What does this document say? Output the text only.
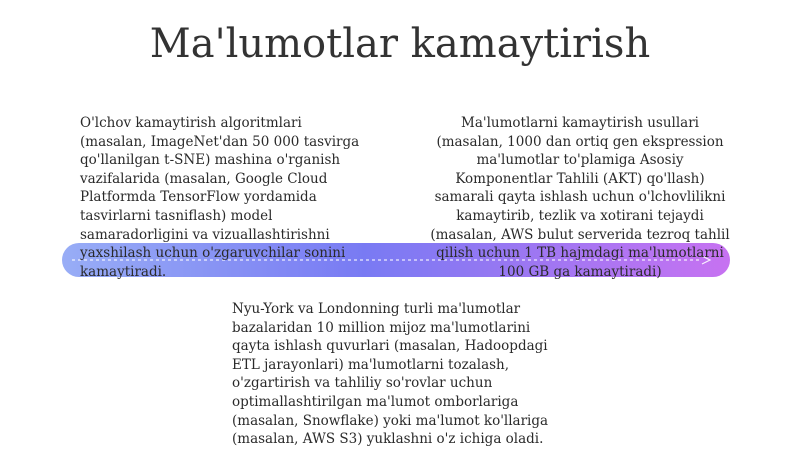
Ma'lumotlar kamaytirish
O'lchov kamaytirish algoritmlari
(masalan, ImageNet'dan 50 000 tasvirga
qo'llanilgan t-SNE) mashina o'rganish
vazifalarida (masalan, Google Cloud
Platformda TensorFlow yordamida
tasvirlarni tasniflash) model
samaradorligini va vizuallashtirishni
yaxshilash uchun o'zgaruvchilar sonini
kamaytiradi.
Ma'lumotlarni kamaytirish usullari
(masalan, 1000 dan ortiq gen ekspression
ma'lumotlar to'plamiga Asosiy
Komponentlar Tahlili (AKT) qo'llash)
samarali qayta ishlash uchun o'lchovlilikni
kamaytirib, tezlik va xotirani tejaydi
(masalan, AWS bulut serverida tezroq tahlil
qilish uchun 1 TB hajmdagi ma'lumotlarni
100 GB ga kamaytiradi)
Nyu-York va Londonning turli ma'lumotlar
bazalaridan 10 million mijoz ma'lumotlarini
qayta ishlash quvurlari (masalan, Hadoopdagi
ETL jarayonlari) ma'lumotlarni tozalash,
o'zgartirish va tahliliy so'rovlar uchun
optimallashtirilgan ma'lumot omborlariga
(masalan, Snowflake) yoki ma'lumot ko'llariga
(masalan, AWS S3) yuklashni o'z ichiga oladi.
